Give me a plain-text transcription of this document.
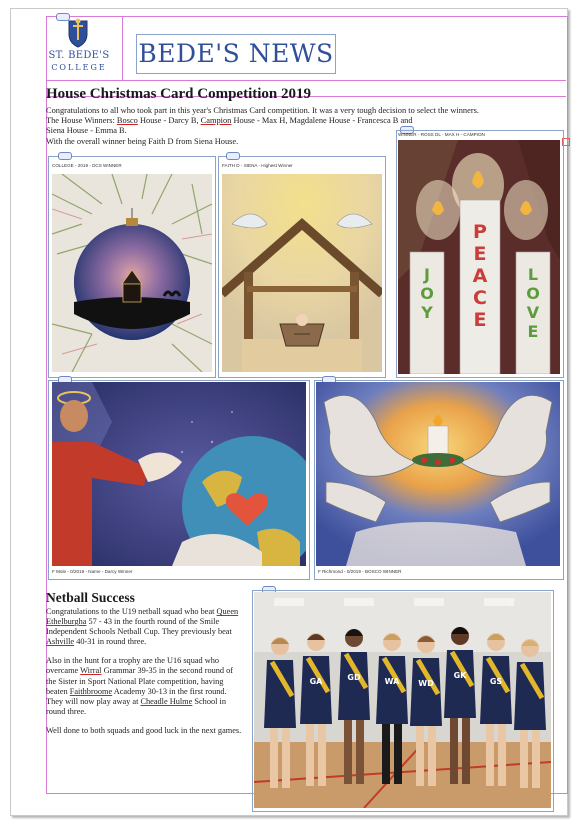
ST. BEDE'S
COLLEGE	BEDE'S NEWS
House Christmas Card Competition 2019
Congratulations to all who took part in this year's Christmas Card competition. It was a very tough decision to select the winners.
The House Winners: Bosco House - Darcy B, Campion House - Max H, Magdalene House - Francesca B and
Siena House - Emma B.
With the overall winner being Faith D from Siena House.
COLLEGE - 2019 - DCS WINNER	FAITH D - SIENA - Highest Winner
WINNER - ROSS DL - MAX H - CAMPION
J O Y
P E A C E
L O V E
F Mole - 0/2019 - Name - Darcy Winner	F Richmond - 0/2019 - BOSCO WINNER
Netball Success

Congratulations to the U19 netball squad who beat Queen Ethelburgha 57 - 43 in the fourth round of the Smile Independent Schools Netball Cup. They previously beat Ashville 40-31 in round three.

Also in the hunt for a trophy are the U16 squad who overcame Wirral Grammar 39-35 in the second round of the Sister in Sport National Plate competition, having beaten Faithbroome Academy 30-13 in the first round. They will now play away at Cheadle Hulme School in round three.

Well done to both squads and good luck in the next games.

GA	GD	WA WD
GK
GS
